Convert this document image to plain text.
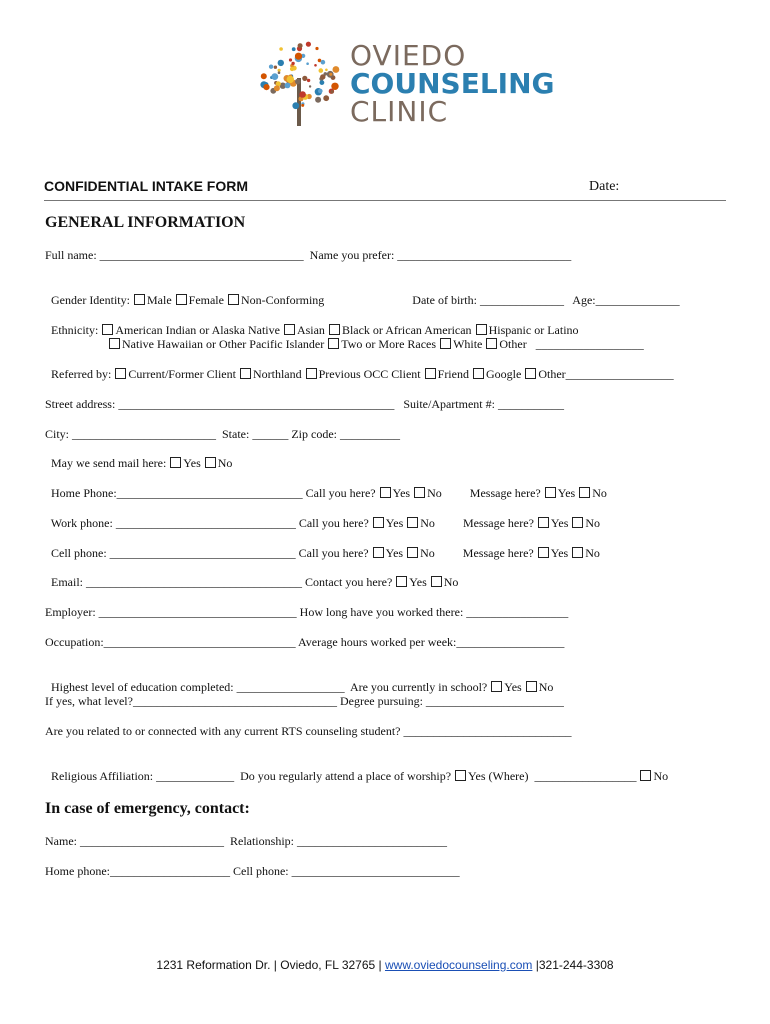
OVIEDO
COUNSELING
CLINIC
CONFIDENTIAL INTAKE FORM	Date:
GENERAL INFORMATION
Full name: __________________________________  Name you prefer: _____________________________

Gender Identity: Male Female Non-Conforming	Date of birth: ______________   Age:______________

Ethnicity: American Indian or Alaska Native Asian Black or African American Hispanic or Latino

Native Hawaiian or Other Pacific Islander Two or More Races White Other   __________________

Referred by: Current/Former Client Northland Previous OCC Client Friend Google Other__________________

Street address: ______________________________________________   Suite/Apartment #: ___________
City: ________________________  State: ______ Zip code: __________

May we send mail here: Yes No

Home Phone:_______________________________ Call you here? Yes No Message here? Yes No

Work phone: ______________________________ Call you here? Yes No Message here? Yes No

Cell phone: _______________________________ Call you here? Yes No Message here? Yes No

Email: ____________________________________ Contact you here? Yes No

Employer: _________________________________ How long have you worked there: _________________
Occupation:________________________________ Average hours worked per week:__________________

Highest level of education completed: __________________  Are you currently in school? Yes No

If yes, what level?__________________________________ Degree pursuing: _______________________
Are you related to or connected with any current RTS counseling student? ____________________________

Religious Affiliation: _____________  Do you regularly attend a place of worship? Yes (Where)  _________________ No

In case of emergency, contact:
Name: ________________________  Relationship: _________________________
Home phone:____________________ Cell phone: ____________________________
1231 Reformation Dr. | Oviedo, FL 32765 | www.oviedocounseling.com |321-244-3308
